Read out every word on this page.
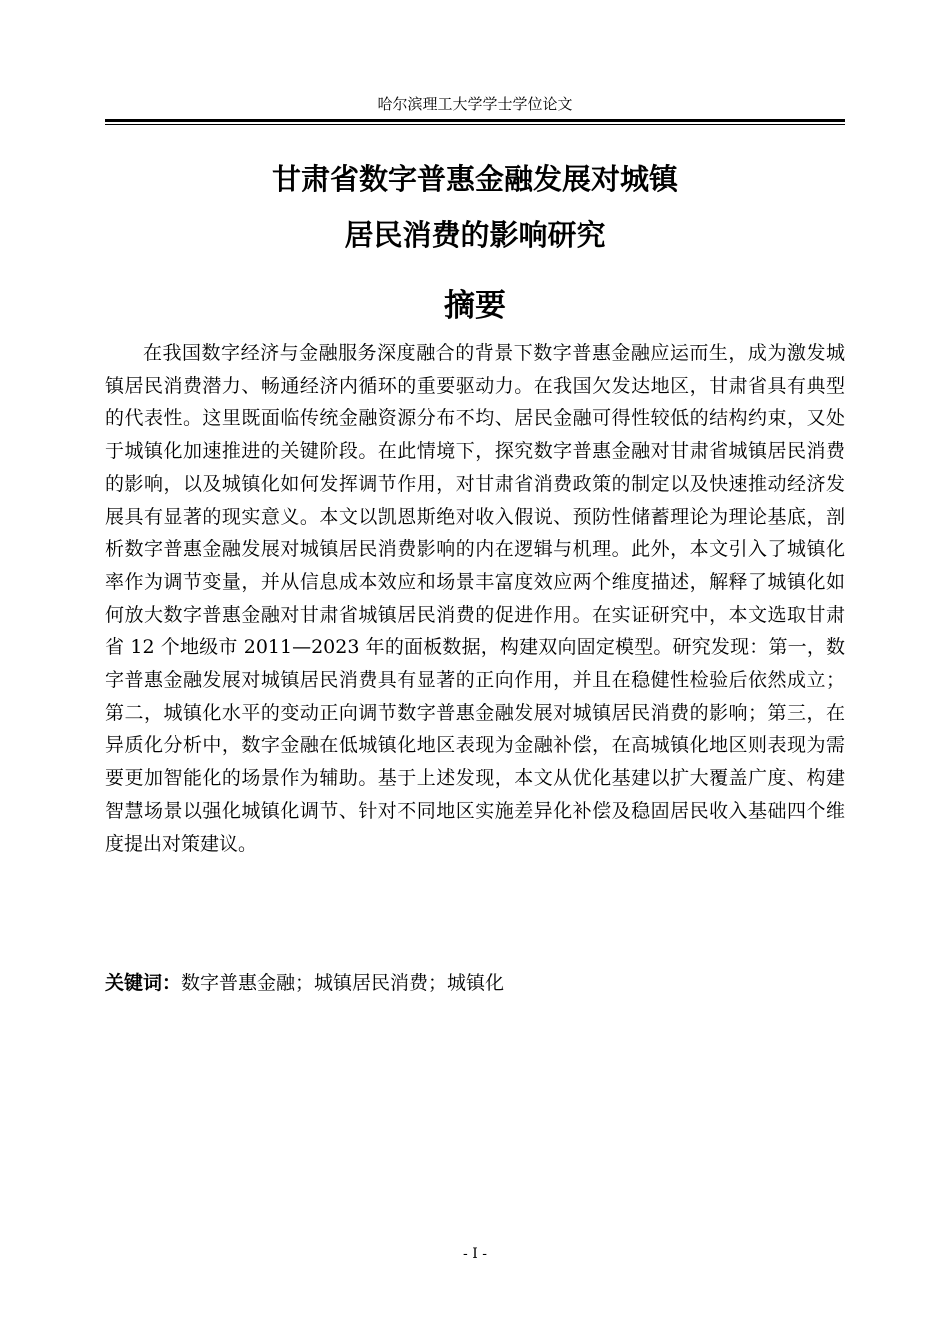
哈尔滨理工大学学士学位论文
甘肃省数字普惠金融发展对城镇
居民消费的影响研究
摘要

在我国数字经济与金融服务深度融合的背景下数字普惠金融应运而生，成为激发城镇居民消费潜力、畅通经济内循环的重要驱动力。在我国欠发达地区，甘肃省具有典型的代表性。这里既面临传统金融资源分布不均、居民金融可得性较低的结构约束，又处于城镇化加速推进的关键阶段。在此情境下，探究数字普惠金融对甘肃省城镇居民消费的影响，以及城镇化如何发挥调节作用，对甘肃省消费政策的制定以及快速推动经济发展具有显著的现实意义。本文以凯恩斯绝对收入假说、预防性储蓄理论为理论基底，剖析数字普惠金融发展对城镇居民消费影响的内在逻辑与机理。此外，本文引入了城镇化率作为调节变量，并从信息成本效应和场景丰富度效应两个维度描述，解释了城镇化如何放大数字普惠金融对甘肃省城镇居民消费的促进作用。在实证研究中，本文选取甘肃省 12 个地级市 2011—2023 年的面板数据，构建双向固定模型。研究发现：第一，数字普惠金融发展对城镇居民消费具有显著的正向作用，并且在稳健性检验后依然成立；第二，城镇化水平的变动正向调节数字普惠金融发展对城镇居民消费的影响；第三，在异质化分析中，数字金融在低城镇化地区表现为金融补偿，在高城镇化地区则表现为需要更加智能化的场景作为辅助。基于上述发现，本文从优化基建以扩大覆盖广度、构建智慧场景以强化城镇化调节、针对不同地区实施差异化补偿及稳固居民收入基础四个维度提出对策建议。

关键词：数字普惠金融；城镇居民消费；城镇化
- I -
